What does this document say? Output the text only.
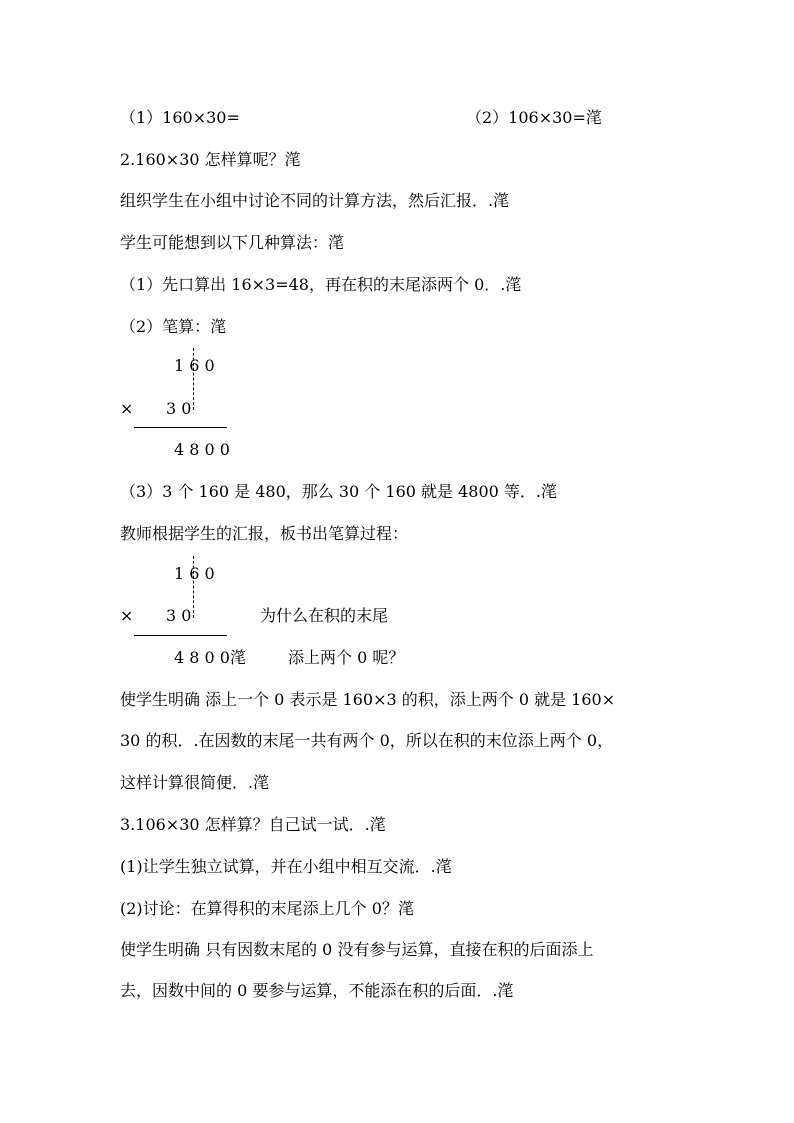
（1）160×30=	（2）106×30=滗

2.160×30 怎样算呢？滗

组织学生在小组中讨论不同的计算方法，然后汇报．.滗

学生可能想到以下几种算法：滗

（1）先口算出 16×3=48，再在积的末尾添两个 0．.滗

（2）笔算：滗

1 6 0
× 3 0
4 8 0 0

（3）3 个 160 是 480，那么 30 个 160 就是 4800 等．.滗

教师根据学生的汇报，板书出笔算过程：

1 6 0
× 3 0
4 8 0 0滗
为什么在积的末尾
添上两个 0 呢？

使学生明确 添上一个 0 表示是 160×3 的积，添上两个 0 就是 160×

30 的积．.在因数的末尾一共有两个 0，所以在积的末位添上两个 0，

这样计算很简便．.滗

3.106×30 怎样算？自己试一试．.滗

(1)让学生独立试算，并在小组中相互交流．.滗

(2)讨论：在算得积的末尾添上几个 0？滗

使学生明确 只有因数末尾的 0 没有参与运算，直接在积的后面添上

去，因数中间的 0 要参与运算，不能添在积的后面．.滗
